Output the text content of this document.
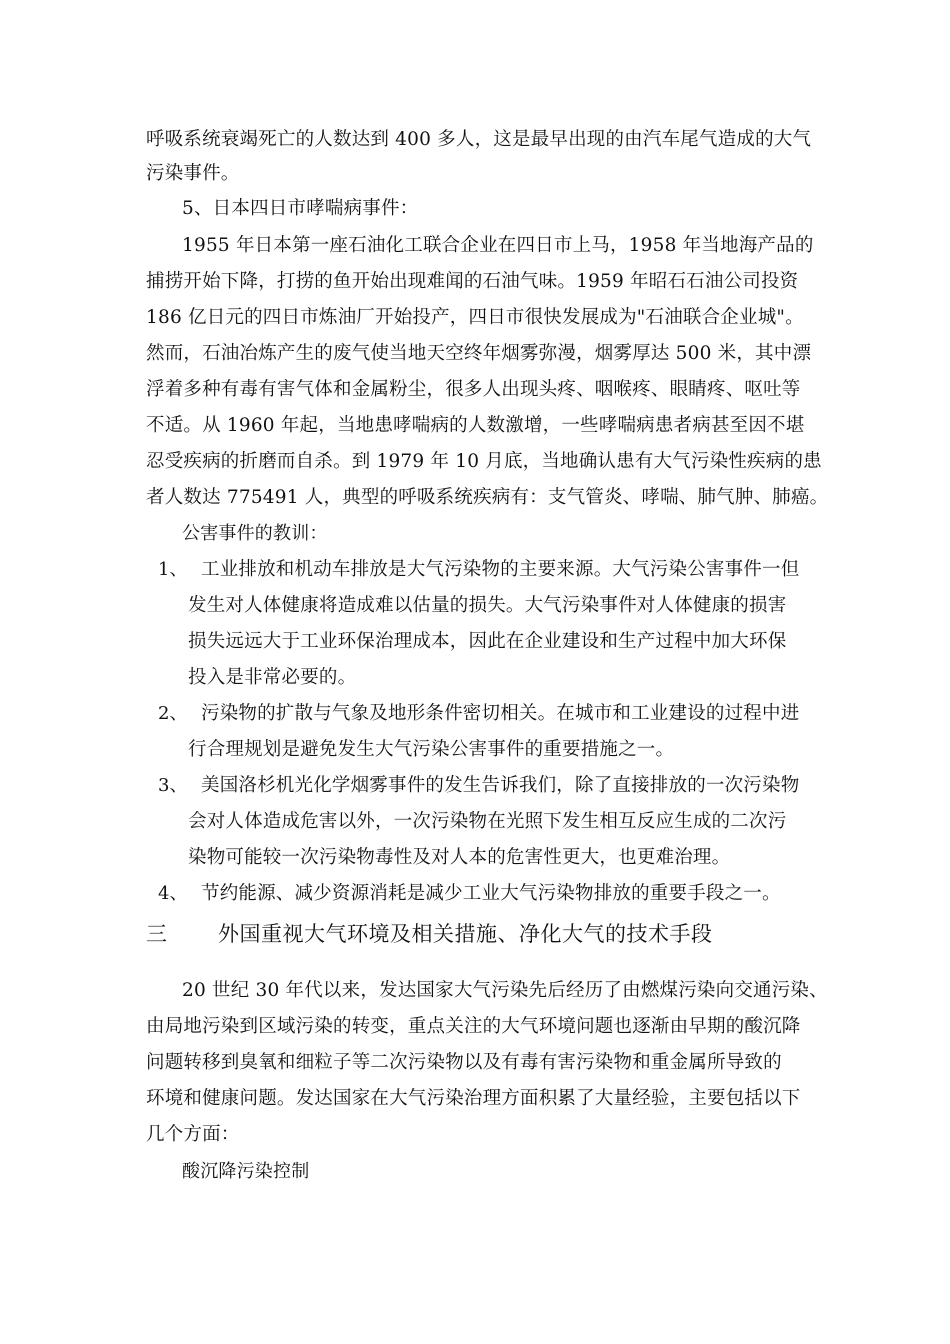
呼吸系统衰竭死亡的人数达到 400 多人，这是最早出现的由汽车尾气造成的大气
污染事件。
5、日本四日市哮喘病事件：
1955 年日本第一座石油化工联合企业在四日市上马，1958 年当地海产品的
捕捞开始下降，打捞的鱼开始出现难闻的石油气味。1959 年昭石石油公司投资
186 亿日元的四日市炼油厂开始投产，四日市很快发展成为"石油联合企业城"。
然而，石油冶炼产生的废气使当地天空终年烟雾弥漫，烟雾厚达 500 米，其中漂
浮着多种有毒有害气体和金属粉尘，很多人出现头疼、咽喉疼、眼睛疼、呕吐等
不适。从 1960 年起，当地患哮喘病的人数激增，一些哮喘病患者病甚至因不堪
忍受疾病的折磨而自杀。到 1979 年 10 月底，当地确认患有大气污染性疾病的患
者人数达 775491 人，典型的呼吸系统疾病有：支气管炎、哮喘、肺气肿、肺癌。
公害事件的教训：
1、 工业排放和机动车排放是大气污染物的主要来源。大气污染公害事件一但
发生对人体健康将造成难以估量的损失。大气污染事件对人体健康的损害
损失远远大于工业环保治理成本，因此在企业建设和生产过程中加大环保
投入是非常必要的。
2、 污染物的扩散与气象及地形条件密切相关。在城市和工业建设的过程中进
行合理规划是避免发生大气污染公害事件的重要措施之一。
3、 美国洛杉机光化学烟雾事件的发生告诉我们，除了直接排放的一次污染物
会对人体造成危害以外，一次污染物在光照下发生相互反应生成的二次污
染物可能较一次污染物毒性及对人本的危害性更大，也更难治理。
4、 节约能源、减少资源消耗是减少工业大气污染物排放的重要手段之一。
三 外国重视大气环境及相关措施、净化大气的技术手段
20 世纪 30 年代以来，发达国家大气污染先后经历了由燃煤污染向交通污染、
由局地污染到区域污染的转变，重点关注的大气环境问题也逐渐由早期的酸沉降
问题转移到臭氧和细粒子等二次污染物以及有毒有害污染物和重金属所导致的
环境和健康问题。发达国家在大气污染治理方面积累了大量经验，主要包括以下
几个方面：
酸沉降污染控制
